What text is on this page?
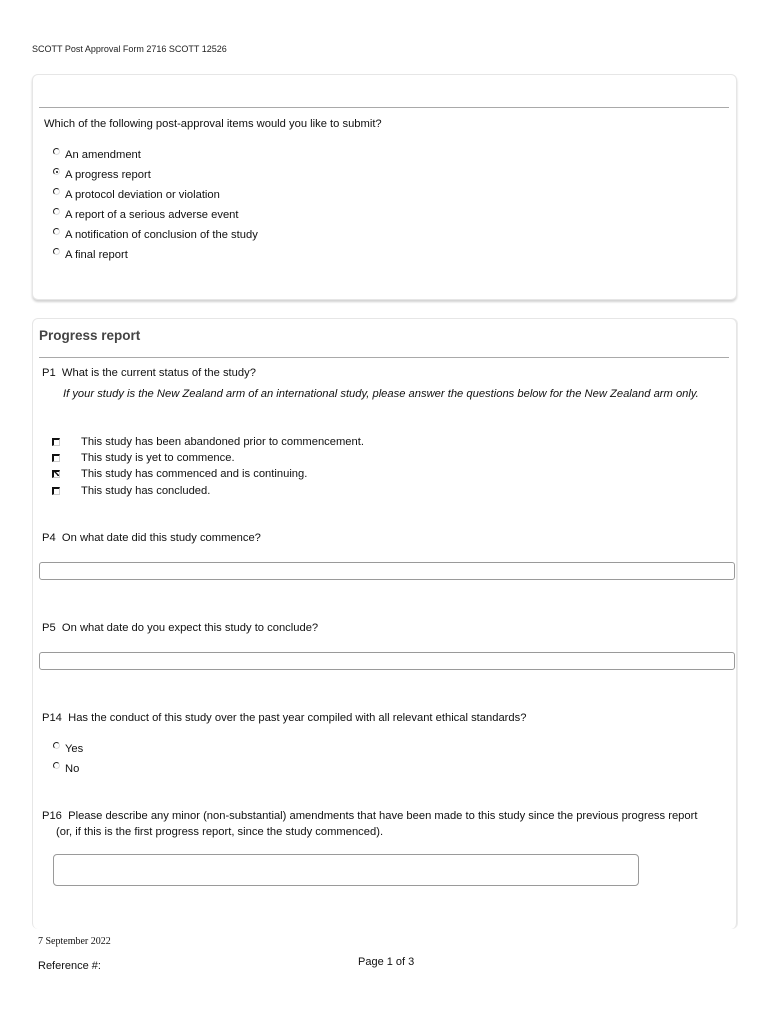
SCOTT Post Approval Form 2716 SCOTT 12526
Which of the following post-approval items would you like to submit?
An amendment
A progress report
A protocol deviation or violation
A report of a serious adverse event
A notification of conclusion of the study
A final report
Progress report
P1 What is the current status of the study?
If your study is the New Zealand arm of an international study, please answer the questions below for the New Zealand arm only.
This study has been abandoned prior to commencement.
This study is yet to commence.
This study has commenced and is continuing.
This study has concluded.
P4 On what date did this study commence?
P5 On what date do you expect this study to conclude?
P14 Has the conduct of this study over the past year compiled with all relevant ethical standards?
Yes
No
P16 Please describe any minor (non-substantial) amendments that have been made to this study since the previous progress report
(or, if this is the first progress report, since the study commenced).
7 September 2022
Reference #:	Page 1 of 3
